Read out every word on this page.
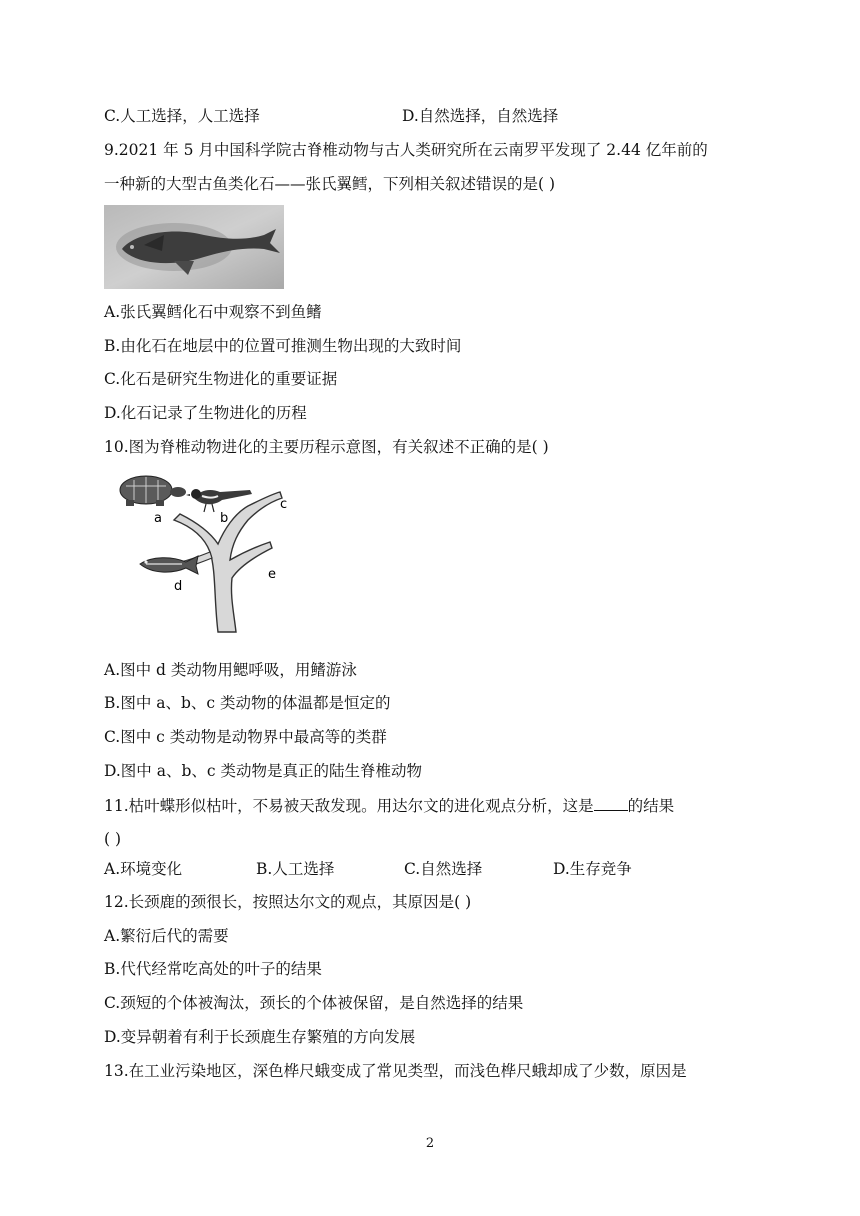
C.人工选择，人工选择	D.自然选择，自然选择
9.2021 年 5 月中国科学院古脊椎动物与古人类研究所在云南罗平发现了 2.44 亿年前的
一种新的大型古鱼类化石——张氏翼鳕，下列相关叙述错误的是( )
A.张氏翼鳕化石中观察不到鱼鳍
B.由化石在地层中的位置可推测生物出现的大致时间
C.化石是研究生物进化的重要证据
D.化石记录了生物进化的历程
10.图为脊椎动物进化的主要历程示意图，有关叙述不正确的是( )
a	b
c
d
e
A.图中 d 类动物用鳃呼吸，用鳍游泳
B.图中 a、b、c 类动物的体温都是恒定的
C.图中 c 类动物是动物界中最高等的类群
D.图中 a、b、c 类动物是真正的陆生脊椎动物
11.枯叶蝶形似枯叶，不易被天敌发现。用达尔文的进化观点分析，这是 的结果
( )
A.环境变化	B.人工选择	C.自然选择	D.生存竞争
12.长颈鹿的颈很长，按照达尔文的观点，其原因是( )
A.繁衍后代的需要
B.代代经常吃高处的叶子的结果
C.颈短的个体被淘汰，颈长的个体被保留，是自然选择的结果
D.变异朝着有利于长颈鹿生存繁殖的方向发展
13.在工业污染地区，深色桦尺蛾变成了常见类型，而浅色桦尺蛾却成了少数，原因是
2
